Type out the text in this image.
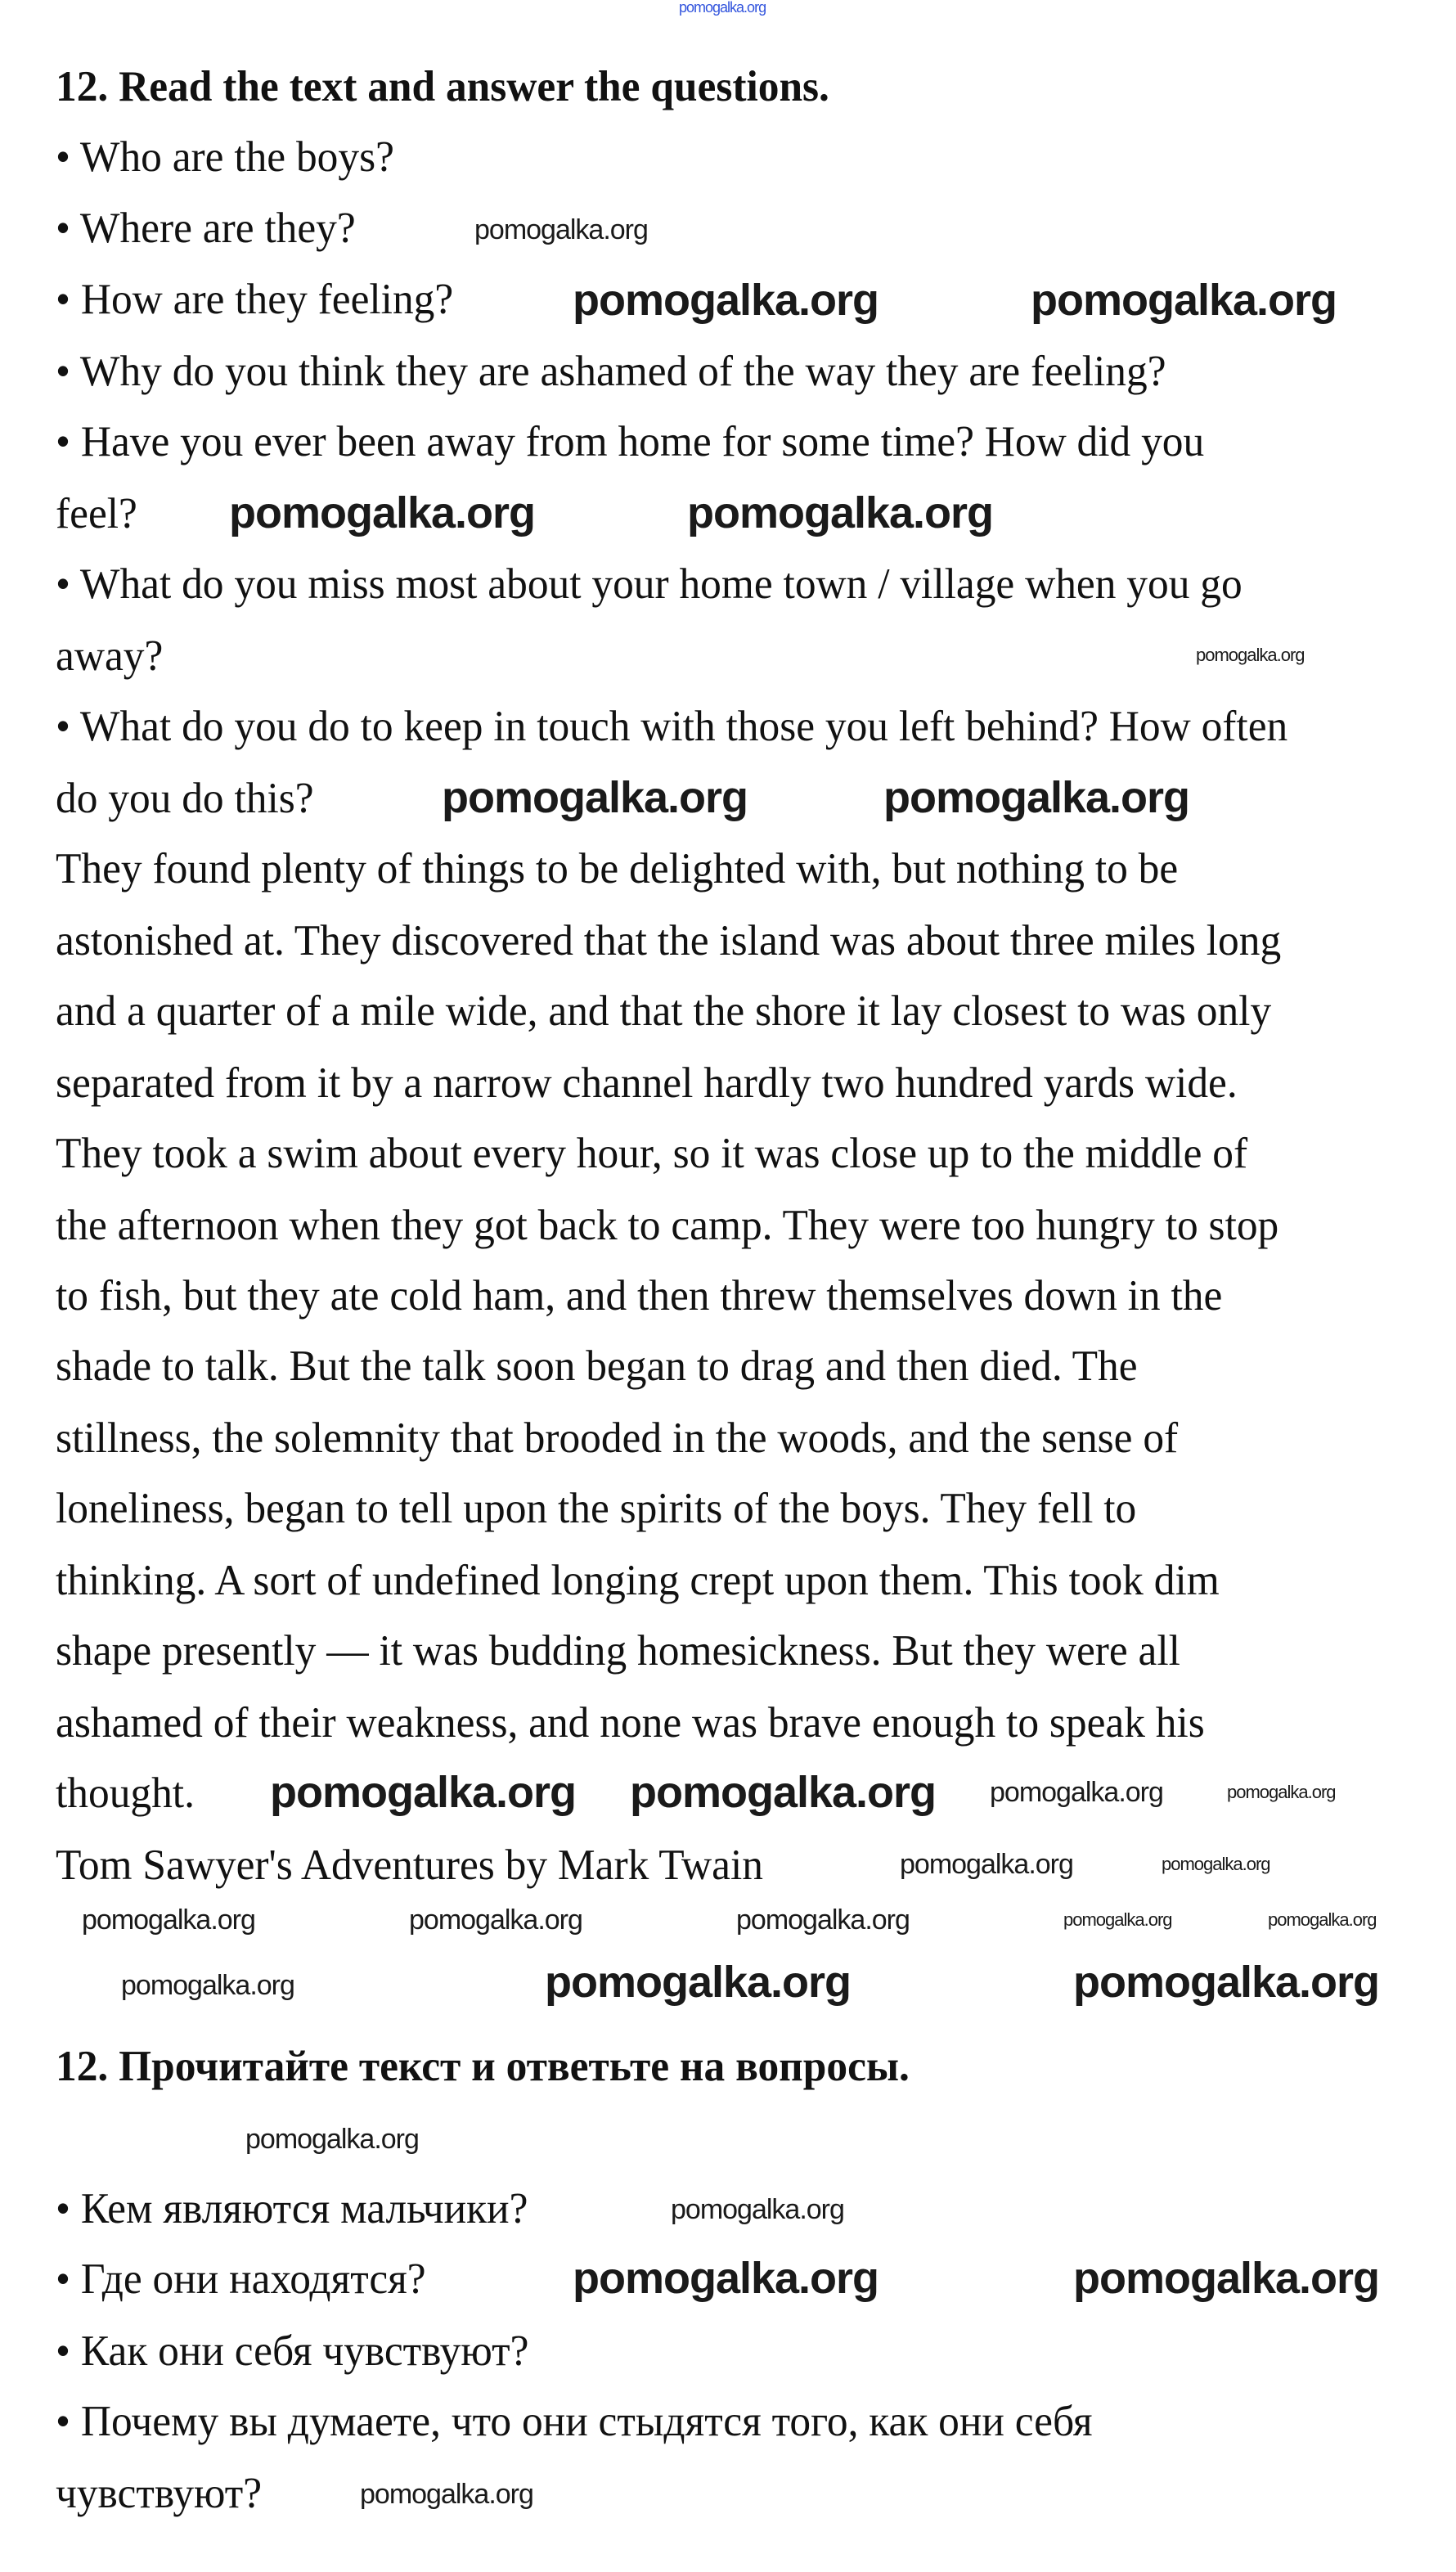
12. Read the text and answer the questions.
• Who are the boys?
• Where are they?
• How are they feeling?
• Why do you think they are ashamed of the way they are feeling?
• Have you ever been away from home for some time? How did you
feel?
• What do you miss most about your home town / village when you go
away?
• What do you do to keep in touch with those you left behind? How often
do you do this?
They found plenty of things to be delighted with, but nothing to be
astonished at. They discovered that the island was about three miles long
and a quarter of a mile wide, and that the shore it lay closest to was only
separated from it by a narrow channel hardly two hundred yards wide.
They took a swim about every hour, so it was close up to the middle of
the afternoon when they got back to camp. They were too hungry to stop
to fish, but they ate cold ham, and then threw themselves down in the
shade to talk. But the talk soon began to drag and then died. The
stillness, the solemnity that brooded in the woods, and the sense of
loneliness, began to tell upon the spirits of the boys. They fell to
thinking. A sort of undefined longing crept upon them. This took dim
shape presently — it was budding homesickness. But they were all
ashamed of their weakness, and none was brave enough to speak his
thought.
Tom Sawyer's Adventures by Mark Twain
12. Прочитайте текст и ответьте на вопросы.
• Кем являются мальчики?
• Где они находятся?
• Как они себя чувствуют?
• Почему вы думаете, что они стыдятся того, как они себя
чувствуют?
pomogalka.org
pomogalka.org
pomogalka.org	pomogalka.org
pomogalka.org	pomogalka.org
pomogalka.org
pomogalka.org	pomogalka.org
pomogalka.org pomogalka.org pomogalka.org	pomogalka.org
pomogalka.org	pomogalka.org
pomogalka.org	pomogalka.org	pomogalka.org	pomogalka.org	pomogalka.org
pomogalka.org	pomogalka.org	pomogalka.org
pomogalka.org
pomogalka.org
pomogalka.org	pomogalka.org
pomogalka.org
